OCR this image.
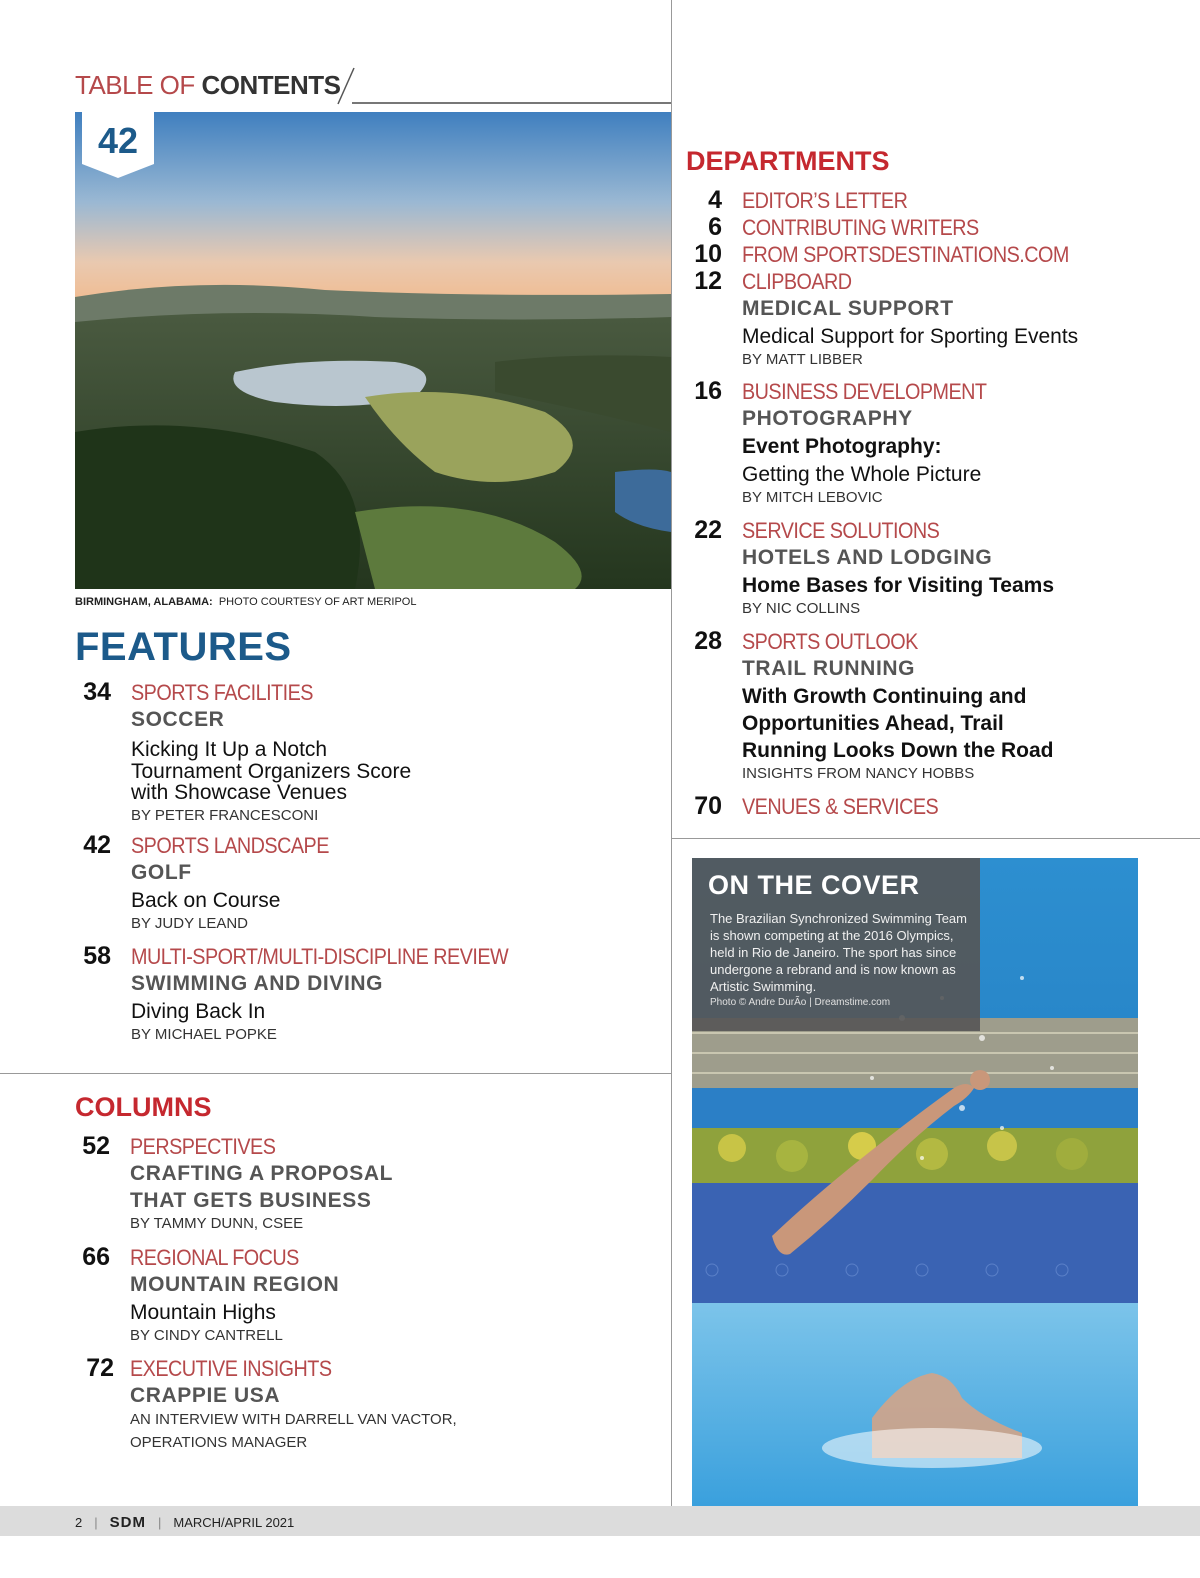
TABLE OF CONTENTS
42
BIRMINGHAM, ALABAMA: PHOTO COURTESY OF ART MERIPOL
FEATURES
34 SPORTS FACILITIES
SOCCER
Kicking It Up a Notch
Tournament Organizers Score
with Showcase Venues
BY PETER FRANCESCONI
42 SPORTS LANDSCAPE
GOLF
Back on Course
BY JUDY LEAND
58 MULTI-SPORT/MULTI-DISCIPLINE REVIEW
SWIMMING AND DIVING
Diving Back In
BY MICHAEL POPKE
COLUMNS
52 PERSPECTIVES
CRAFTING A PROPOSAL
THAT GETS BUSINESS
BY TAMMY DUNN, CSEE
66 REGIONAL FOCUS
MOUNTAIN REGION
Mountain Highs
BY CINDY CANTRELL
72 EXECUTIVE INSIGHTS
CRAPPIE USA
AN INTERVIEW WITH DARRELL VAN VACTOR,
OPERATIONS MANAGER
DEPARTMENTS
4 EDITOR’S LETTER
6 CONTRIBUTING WRITERS
10 FROM SPORTSDESTINATIONS.COM
12 CLIPBOARD
MEDICAL SUPPORT
Medical Support for Sporting Events
BY MATT LIBBER
16 BUSINESS DEVELOPMENT
PHOTOGRAPHY
Event Photography:
Getting the Whole Picture
BY MITCH LEBOVIC
22 SERVICE SOLUTIONS
HOTELS AND LODGING
Home Bases for Visiting Teams
BY NIC COLLINS
28 SPORTS OUTLOOK
TRAIL RUNNING
With Growth Continuing and
Opportunities Ahead, Trail
Running Looks Down the Road
INSIGHTS FROM NANCY HOBBS
70 VENUES & SERVICES
ON THE COVER
The Brazilian Synchronized Swimming Team is shown competing at the 2016 Olympics, held in Rio de Janeiro. The sport has since undergone a rebrand and is now known as Artistic Swimming.
Photo © Andre DurÃo | Dreamstime.com
2 | SDM | MARCH/APRIL 2021
